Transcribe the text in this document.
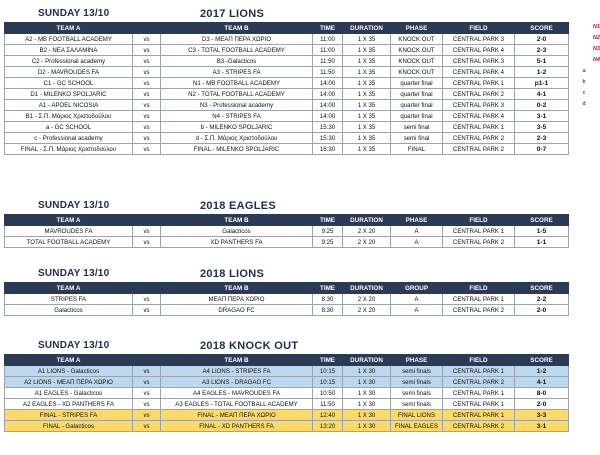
SUNDAY 13/10	2017 LIONS
TEAM A		TEAM B	TIME	DURATION	PHASE	FIELD	SCORE
A2 - MB FOOTBALL ACADEMY	vs	D3 - ΜΕΑΠ ΠΕΡΑ ΧΩΡΙΟ	11:00	1 X 35	KNOCK OUT	CENTRAL PARK 3	2-0
B2 - ΝΕΑ ΣΑΛΑΜΙΝΑ	vs	C3 - TOTAL FOOTBALL ACADEMY	11:00	1 X 35	KNOCK OUT	CENTRAL PARK 4	2-3
C2 - Professional academy	vs	B3 -Galacticos	11:50	1 X 35	KNOCK OUT	CENTRAL PARK 3	5-1
D2 - MAVROUDES FA	vs	A3 - STRIPES FA	11:50	1 X 35	KNOCK OUT	CENTRAL PARK 4	1-2
C1 - GC SCHOOL	vs	N1 - MB FOOTBALL ACADEMY	14:00	1 X 35	quarter final	CENTRAL PARK 1	p1-1
D1 - MILENKO SPOLJARIC	vs	N2 - TOTAL FOOTBALL ACADEMY	14:00	1 X 35	quarter final	CENTRAL PARK 2	4-1
A1 - APOEL NICOSIA	vs	N3 - Professional academy	14:00	1 X 35	quarter final	CENTRAL PARK 3	0-2
B1 - Σ.Π. Μάριος Χριστοδούλου	vs	N4 - STRIPES FA	14:00	1 X 35	quarter final	CENTRAL PARK 4	3-1
a - GC SCHOOL	vs	b - MILENKO SPOLJARIC	15:30	1 X 35	semi final	CENTRAL PARK 1	3-5
c - Professional academy	vs	d - Σ.Π. Μάριος Χριστοδούλου	15:30	1 X 35	semi final	CENTRAL PARK 2	2-3
FINAL - Σ.Π. Μάριος Χριστοδούλου	vs	FINAL - MILENKO SPOLJARIC	16:30	1 X 35	FINAL	CENTRAL PARK 2	0-7
SUNDAY 13/10	2018 EAGLES
TEAM A		TEAM B	TIME	DURATION	PHASE	FIELD	SCORE
MAVROUDES FA	vs	Galacticos	9:25	2 X 20	A	CENTRAL PARK 1	1-5
TOTAL FOOTBALL ACADEMY	vs	XD PANTHERS FA	9:25	2 X 20	A	CENTRAL PARK 2	1-1
SUNDAY 13/10	2018 LIONS
TEAM A		TEAM B	TIME	DURATION	GROUP	FIELD	SCORE
STRIPES FA	vs	ΜΕΑΠ ΠΕΡΑ ΧΩΡΙΟ	8:30	2 X 20	A	CENTRAL PARK 1	2-2
Galacticos	vs	DRAGAO FC	8:30	2 X 20	A	CENTRAL PARK 2	2-0
SUNDAY 13/10	2018 KNOCK OUT
TEAM A		TEAM B	TIME	DURATION	PHASE	FIELD	SCORE
A1 LIONS - Galacticos	vs	A4 LIONS - STRIPES FA	10:15	1 X 30	semi finals	CENTRAL PARK 1	1-2
A2 LIONS - ΜΕΑΠ ΠΕΡΑ ΧΩΡΙΟ	vs	A3 LIONS - DRAGAO FC	10:15	1 X 30	semi finals	CENTRAL PARK 2	4-1
A1 EAGLES - Galacticos	vs	A4 EAGLES - MAVROUDES FA	10:50	1 X 30	semi finals	CENTRAL PARK 1	8-0
A2 EAGLES - XD PANTHERS FA	vs	A3 EAGLES - TOTAL FOOTBALL ACADEMY	11:50	1 X 30	semi finals	CENTRAL PARK 1	2-0
FINAL - STRIPES FA	vs	FINAL - ΜΕΑΠ ΠΕΡΑ ΧΩΡΙΟ	12:40	1 X 30	FINAL LIONS	CENTRAL PARK 1	3-3
FINAL - Galacticos	vs	FINAL - XD PANTHERS FA	13:20	1 X 30	FINAL EAGLES	CENTRAL PARK 2	3-1
N1
N2
N3
N4
a
b
c
d
